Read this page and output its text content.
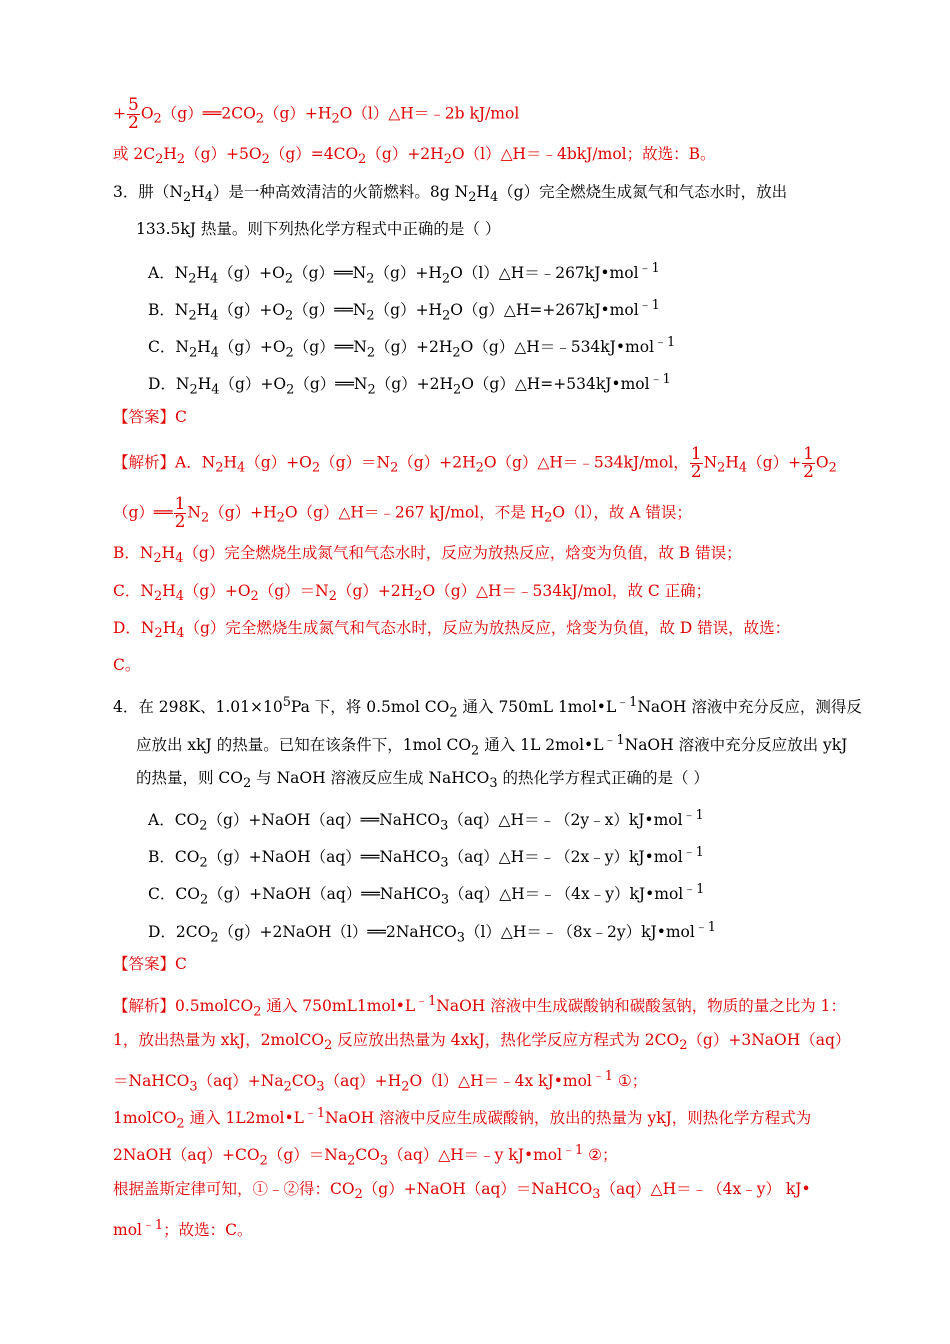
+ $\frac{5}{2}$ $O_2(g)══2CO_2(g)+H_2O(l)\triangle H=﹣2b$ kJ/mol
或 $2C_2H_2(g)+5O_2(g)=4CO_2(g)+2H_2O(l)\triangle H=﹣4bkJ$/mol；故选：B。
3．肼$(N_2H_4)$是一种高效清洁的火箭燃料。8g $N_2H_4(g)$完全燃烧生成氮气和气态水时，放出
133.5kJ 热量。则下列热化学方程式中正确的是（ ）
A．$N_2H_4(g)+O_2(g)══N_2(g)+H_2O(l)\triangle H=﹣267kJ•mol^{﹣1}$
B．$N_2H_4(g)+O_2(g)══N_2(g)+H_2O(g)\triangle H=+267kJ•mol^{﹣1}$
C．$N_2H_4(g)+O_2(g)══N_2(g)+2H_2O(g)\triangle H=﹣534kJ•mol^{﹣1}$
D．$N_2H_4(g)+O_2(g)══N_2(g)+2H_2O(g)\triangle H=+534kJ•mol^{﹣1}$
【答案】C
【解析】A．$N_2H_4(g)+O_2(g)=N_2(g)+2H_2O(g)\triangle H=﹣534kJ$/mol， $\frac{1}{2} N_2H_4(g)+ \frac{1}{2} O_2$
（g）══ $\frac{1}{2}$ $N_2(g)+H_2O(g)\triangle H=﹣267$ kJ/mol，不是 $H_2O(l)$，故 A 错误；
B．$N_2H_4(g)$完全燃烧生成氮气和气态水时，反应为放热反应，焓变为负值，故 B 错误；
C．$N_2H_4(g)+O_2(g)=N_2(g)+2H_2O(g)\triangle H=﹣534kJ$/mol，故 C 正确；
D．$N_2H_4(g)$完全燃烧生成氮气和气态水时，反应为放热反应，焓变为负值，故 D 错误，故选：
C。
4．在 298K、$1.01\times 10^5Pa$ 下，将 0.5mol $CO_2$ 通入 750mL $1mol•L^{﹣1}NaOH$ 溶液中充分反应，测得反
应放出 xkJ 的热量。已知在该条件下，1mol $CO_2$ 通入 1L $2mol•L^{﹣1}NaOH$ 溶液中充分反应放出 ykJ
的热量，则 $CO_2$ 与 NaOH 溶液反应生成 NaHCO$_3$ 的热化学方程式正确的是（ ）
A．$CO_2(g)+NaOH(aq)══NaHCO_3(aq)\triangle H=﹣(2y﹣x)kJ•mol^{﹣1}$
B．$CO_2(g)+NaOH(aq)══NaHCO_3(aq)\triangle H=﹣(2x﹣y)kJ•mol^{﹣1}$
C．$CO_2(g)+NaOH(aq)══NaHCO_3(aq)\triangle H=﹣(4x﹣y)kJ•mol^{﹣1}$
D．$2CO_2(g)+2NaOH(l)══2NaHCO_3(l)\triangle H=﹣(8x﹣2y)kJ•mol^{﹣1}$
【答案】C
【解析】0.5molCO$_2$ 通入 $750mL1mol•L^{﹣1}NaOH$ 溶液中生成碳酸钠和碳酸氢钠，物质的量之比为 1：
1，放出热量为 xkJ，2molCO$_2$ 反应放出热量为 4xkJ，热化学反应方程式为 $2CO_2(g)+3NaOH(aq)$
$=NaHCO_3(aq)+Na_2CO_3(aq)+H_2O(l)\triangle H=﹣4x$ kJ•mol$^{﹣1}$ ①；
1molCO$_2$ 通入 $1L2mol•L^{﹣1}NaOH$ 溶液中反应生成碳酸钠，放出的热量为 ykJ，则热化学方程式为
$2NaOH(aq)+CO_2(g)=Na_2CO_3(aq)\triangle H=﹣y$ kJ•mol$^{﹣1}$ ②；
根据盖斯定律可知，①﹣②得：$CO_2(g)+NaOH(aq)=NaHCO_3(aq)\triangle H=﹣(4x﹣y)$ kJ•
mol$^{﹣1}$；故选：C。
